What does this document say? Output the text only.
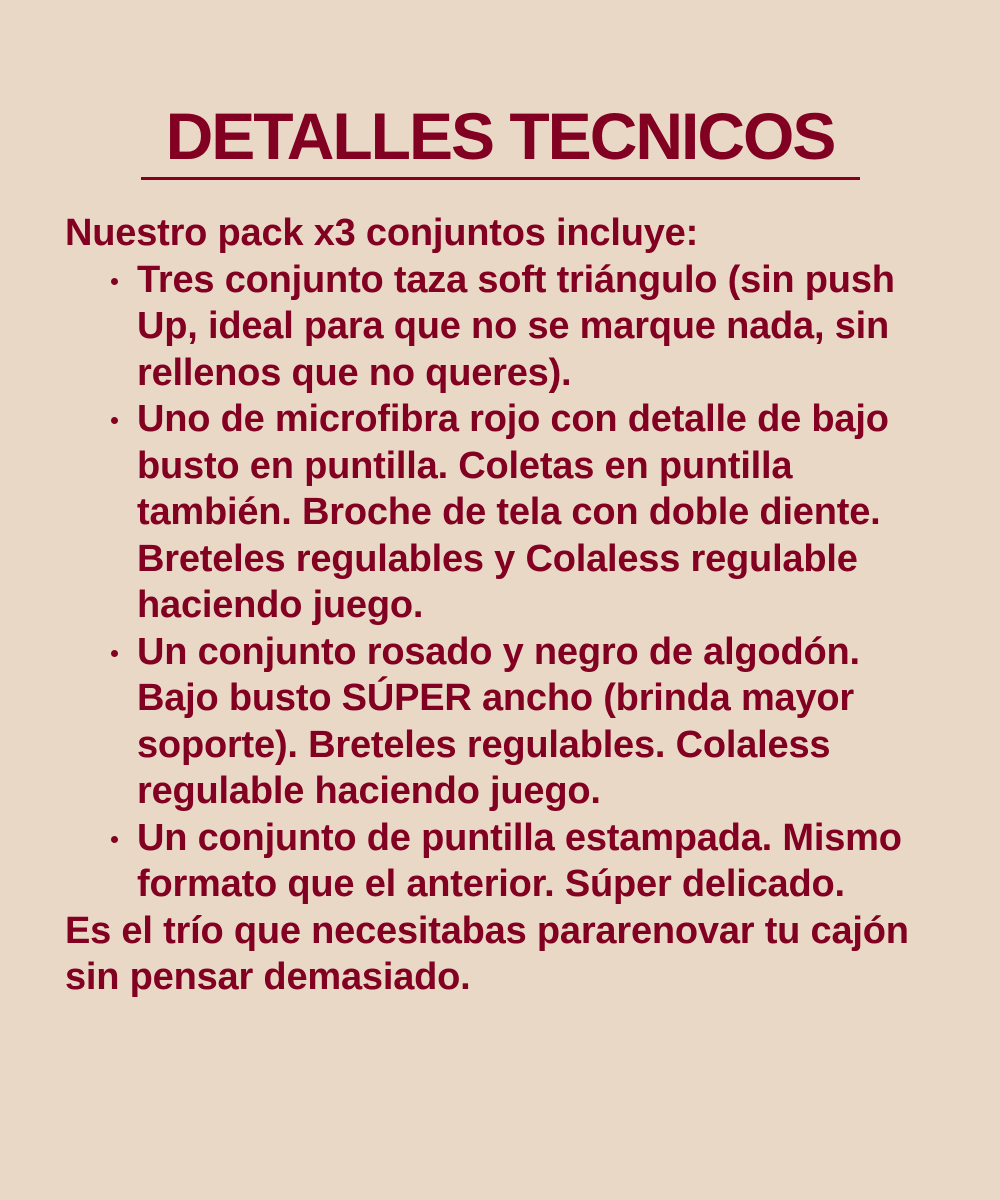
DETALLES TECNICOS

Nuestro pack x3 conjuntos incluye:

Tres conjunto taza soft triángulo (sin push Up, ideal para que no se marque nada, sin rellenos que no queres).
Uno de microfibra rojo con detalle de bajo busto en puntilla. Coletas en puntilla también. Broche de tela con doble diente. Breteles regulables y Colaless regulable haciendo juego.
Un conjunto rosado y negro de algodón. Bajo busto SÚPER ancho (brinda mayor soporte). Breteles regulables. Colaless regulable haciendo juego.
Un conjunto de puntilla estampada. Mismo formato que el anterior. Súper delicado.

Es el trío que necesitabas pararenovar tu cajón sin pensar demasiado.
